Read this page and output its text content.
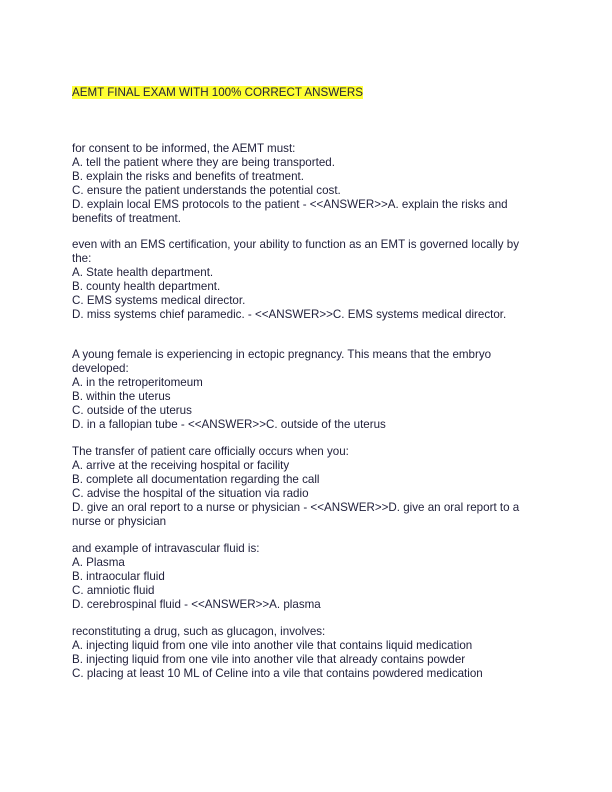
AEMT FINAL EXAM WITH 100% CORRECT ANSWERS
for consent to be informed, the AEMT must:
A. tell the patient where they are being transported.
B. explain the risks and benefits of treatment.
C. ensure the patient understands the potential cost.
D. explain local EMS protocols to the patient - <<ANSWER>>A. explain the risks and
benefits of treatment.
even with an EMS certification, your ability to function as an EMT is governed locally by
the:
A. State health department.
B. county health department.
C. EMS systems medical director.
D. miss systems chief paramedic. - <<ANSWER>>C. EMS systems medical director.
A young female is experiencing in ectopic pregnancy. This means that the embryo
developed:
A. in the retroperitomeum
B. within the uterus
C. outside of the uterus
D. in a fallopian tube - <<ANSWER>>C. outside of the uterus
The transfer of patient care officially occurs when you:
A. arrive at the receiving hospital or facility
B. complete all documentation regarding the call
C. advise the hospital of the situation via radio
D. give an oral report to a nurse or physician - <<ANSWER>>D. give an oral report to a
nurse or physician
and example of intravascular fluid is:
A. Plasma
B. intraocular fluid
C. amniotic fluid
D. cerebrospinal fluid - <<ANSWER>>A. plasma
reconstituting a drug, such as glucagon, involves:
A. injecting liquid from one vile into another vile that contains liquid medication
B. injecting liquid from one vile into another vile that already contains powder
C. placing at least 10 ML of Celine into a vile that contains powdered medication
